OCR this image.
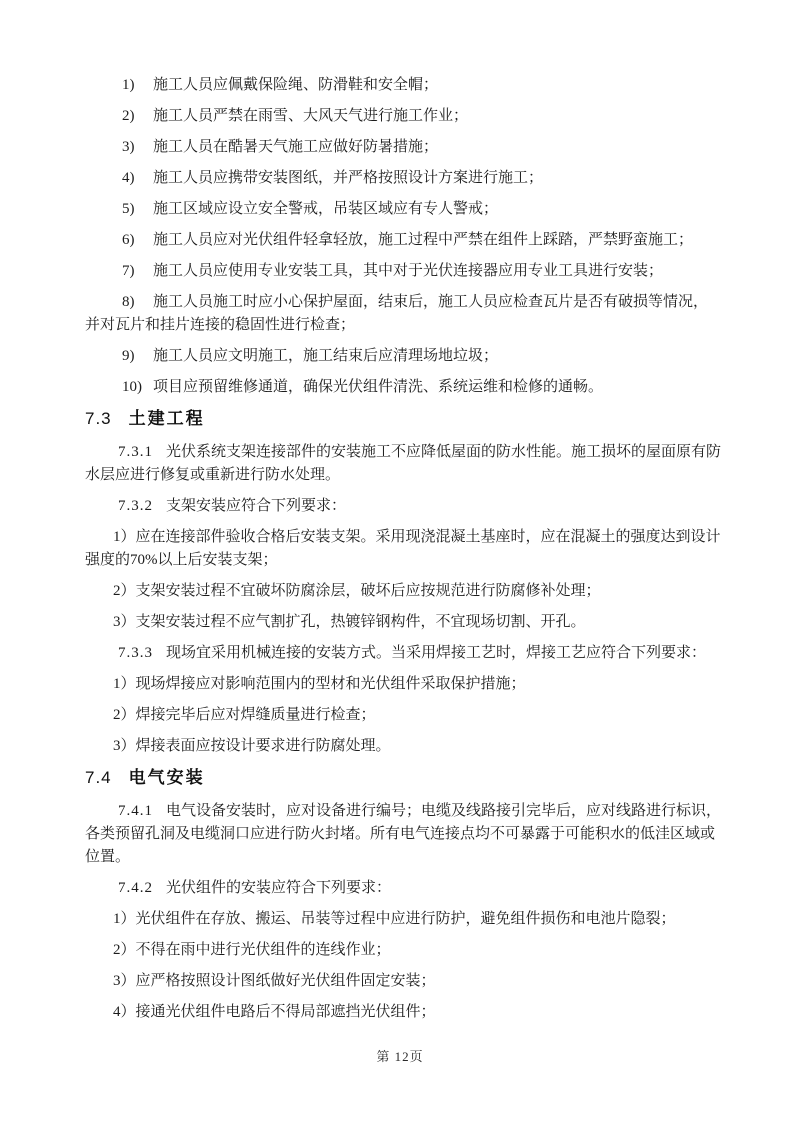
1) 施工人员应佩戴保险绳、防滑鞋和安全帽；

2) 施工人员严禁在雨雪、大风天气进行施工作业；

3) 施工人员在酷暑天气施工应做好防暑措施；

4) 施工人员应携带安装图纸，并严格按照设计方案进行施工；

5) 施工区域应设立安全警戒，吊装区域应有专人警戒；

6) 施工人员应对光伏组件轻拿轻放，施工过程中严禁在组件上踩踏，严禁野蛮施工；

7) 施工人员应使用专业安装工具，其中对于光伏连接器应用专业工具进行安装；

8) 施工人员施工时应小心保护屋面，结束后，施工人员应检查瓦片是否有破损等情况，并对瓦片和挂片连接的稳固性进行检查；

9) 施工人员应文明施工，施工结束后应清理场地垃圾；

10) 项目应预留维修通道，确保光伏组件清洗、系统运维和检修的通畅。

7.3 土建工程

7.3.1 光伏系统支架连接部件的安装施工不应降低屋面的防水性能。施工损坏的屋面原有防水层应进行修复或重新进行防水处理。

7.3.2 支架安装应符合下列要求：

1）应在连接部件验收合格后安装支架。采用现浇混凝土基座时，应在混凝土的强度达到设计强度的70%以上后安装支架；

2）支架安装过程不宜破坏防腐涂层，破坏后应按规范进行防腐修补处理；

3）支架安装过程不应气割扩孔，热镀锌钢构件，不宜现场切割、开孔。

7.3.3 现场宜采用机械连接的安装方式。当采用焊接工艺时，焊接工艺应符合下列要求：

1）现场焊接应对影响范围内的型材和光伏组件采取保护措施；

2）焊接完毕后应对焊缝质量进行检查；

3）焊接表面应按设计要求进行防腐处理。

7.4 电气安装

7.4.1 电气设备安装时，应对设备进行编号；电缆及线路接引完毕后，应对线路进行标识，各类预留孔洞及电缆洞口应进行防火封堵。所有电气连接点均不可暴露于可能积水的低洼区域或位置。

7.4.2 光伏组件的安装应符合下列要求：

1）光伏组件在存放、搬运、吊装等过程中应进行防护，避免组件损伤和电池片隐裂；

2）不得在雨中进行光伏组件的连线作业；

3）应严格按照设计图纸做好光伏组件固定安装；

4）接通光伏组件电路后不得局部遮挡光伏组件；

第 12页
